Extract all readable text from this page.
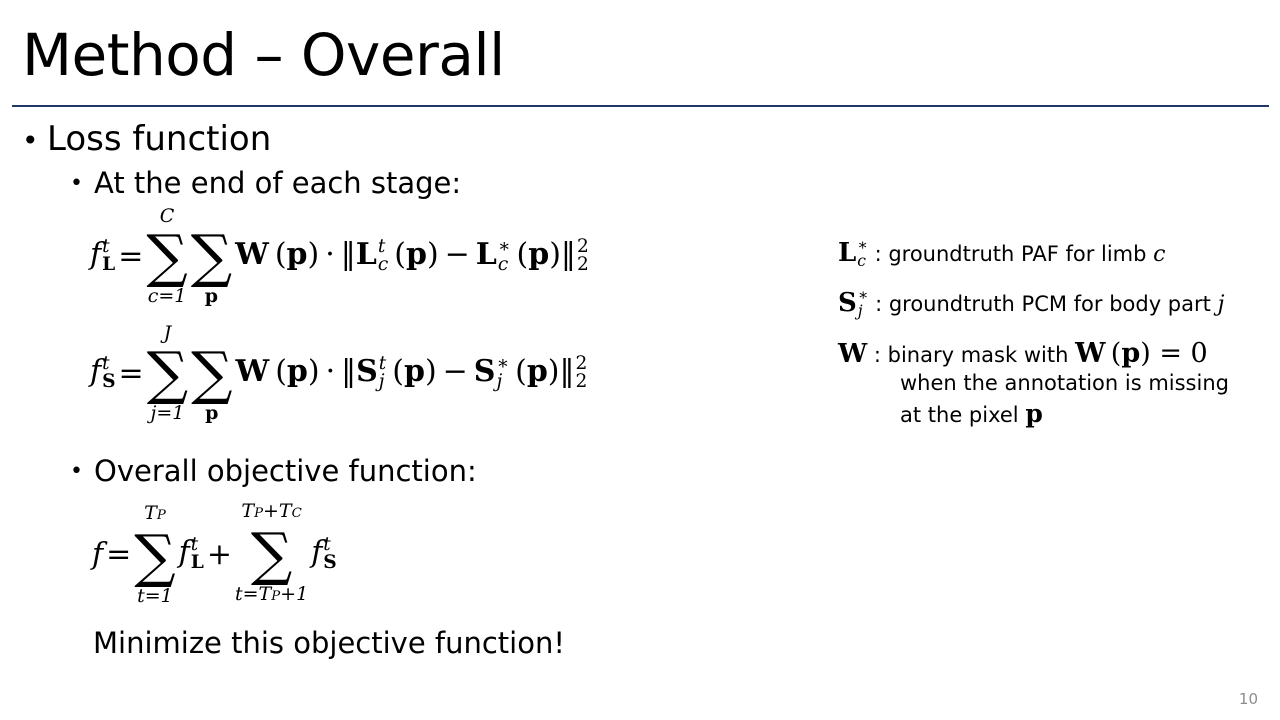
Method – Overall
•Loss function
•At the end of each stage:
f t
L =
C
∑
c=1

∑
p
W (p) · ‖L t
c  (p) − L ∗
c  (p)‖ 2
2
f t
S =
J
∑
j=1

∑
p
W (p) · ‖S t
j  (p) − S ∗
j  (p)‖ 2
2
•Overall objective function:
f =
TP
∑
t=1
f t
L +
TP+TC
∑
t=TP+1
f t
S
Minimize this objective function!
L ∗
c : groundtruth PAF for limb c
S ∗
j : groundtruth PCM for body part j
W : binary mask with W (p) = 0
when the annotation is missing
at the pixel p
10
